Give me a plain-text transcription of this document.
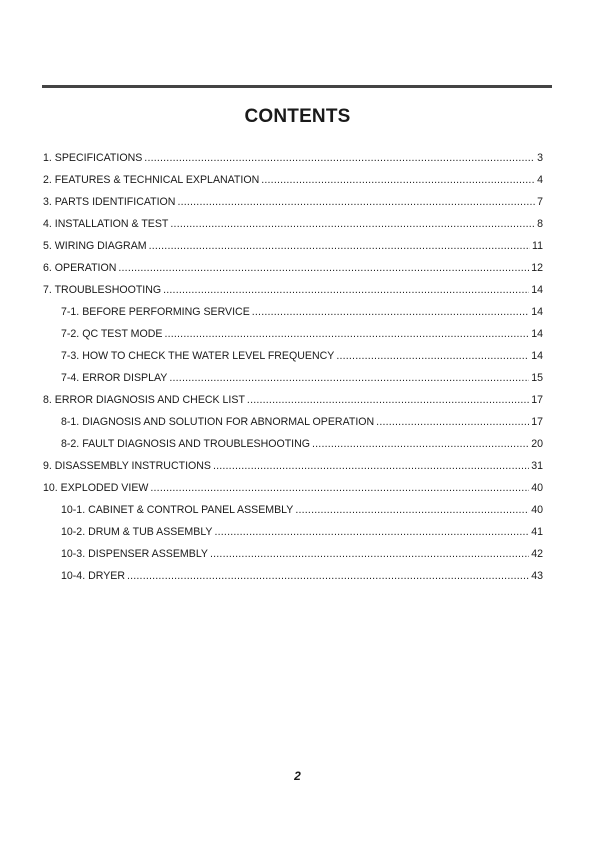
CONTENTS
1. SPECIFICATIONS .....	3
2. FEATURES & TECHNICAL EXPLANATION .....	4
3. PARTS IDENTIFICATION .....	7
4. INSTALLATION & TEST .....	8
5. WIRING DIAGRAM .....	11
6. OPERATION .....	12
7. TROUBLESHOOTING .....	14
7-1. BEFORE PERFORMING SERVICE .....	14
7-2. QC TEST MODE .....	14
7-3. HOW TO CHECK THE WATER LEVEL FREQUENCY .....	14
7-4. ERROR DISPLAY .....	15
8. ERROR DIAGNOSIS AND CHECK LIST .....	17
8-1. DIAGNOSIS AND SOLUTION FOR ABNORMAL OPERATION .....	17
8-2. FAULT DIAGNOSIS AND TROUBLESHOOTING .....	20
9. DISASSEMBLY INSTRUCTIONS .....	31
10. EXPLODED VIEW .....	40
10-1. CABINET & CONTROL PANEL ASSEMBLY .....	40
10-2. DRUM & TUB ASSEMBLY .....	41
10-3. DISPENSER ASSEMBLY .....	42
10-4. DRYER .....	43
2
